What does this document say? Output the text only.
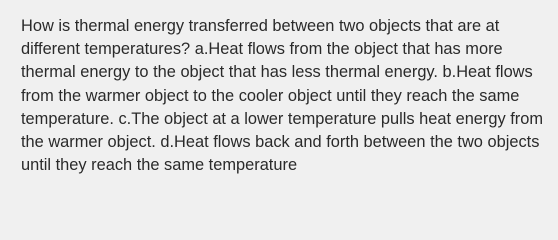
How is thermal energy transferred between two objects that are at different temperatures? a.Heat flows from the object that has more thermal energy to the object that has less thermal energy. b.Heat flows from the warmer object to the cooler object until they reach the same temperature. c.The object at a lower temperature pulls heat energy from the warmer object. d.Heat flows back and forth between the two objects until they reach the same temperature
